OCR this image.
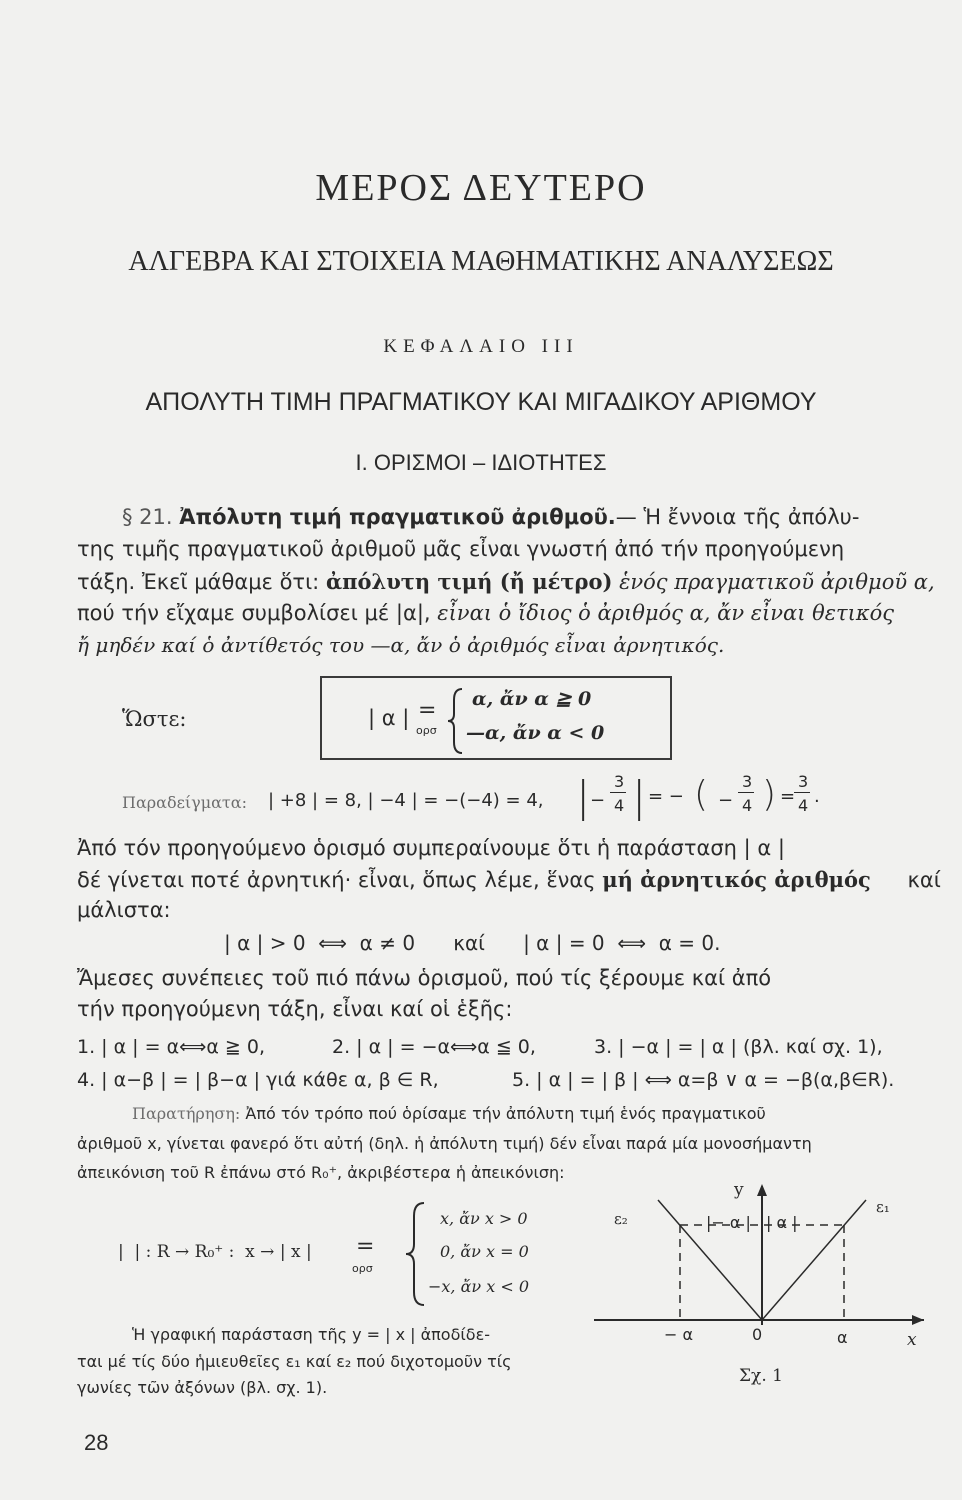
ΜΕΡΟΣ ΔΕΥΤΕΡΟ
ΑΛΓΕΒΡΑ ΚΑΙ ΣΤΟΙΧΕΙΑ ΜΑΘΗΜΑΤΙΚΗΣ ΑΝΑΛΥΣΕΩΣ
ΚΕΦΑΛΑΙΟ III
ΑΠΟΛΥΤΗ ΤΙΜΗ ΠΡΑΓΜΑΤΙΚΟΥ ΚΑΙ ΜΙΓΑΔΙΚΟΥ ΑΡΙΘΜΟΥ
Ι. ΟΡΙΣΜΟΙ – ΙΔΙΟΤΗΤΕΣ
§ 21. Ἀπόλυτη τιμή πραγματικοῦ ἀριθμοῦ.— Ἡ ἔννοια τῆς ἀπόλυ-
της τιμῆς πραγματικοῦ ἀριθμοῦ μᾶς εἶναι γνωστή ἀπό τήν προηγούμενη
τάξη. Ἐκεῖ μάθαμε ὅτι: ἀπόλυτη τιμή (ἤ μέτρο) ἑνός πραγματικοῦ ἀριθμοῦ α,
πού τήν εἴχαμε συμβολίσει μέ |α|, εἶναι ὁ ἴδιος ὁ ἀριθμός α, ἄν εἶναι θετικός
ἤ μηδέν καί ὁ ἀντίθετός του —α, ἄν ὁ ἀριθμός εἶναι ἀρνητικός.
Ὥστε:	| α | =
ορσ
α, ἄν α ≧ 0
—α, ἄν α < 0
Παραδείγματα: | +8 | = 8, | −4 | = −(−4) = 4, | −
3
4 | = − ( −
3
4 ) =
3
4 .
Ἀπό τόν προηγούμενο ὁρισμό συμπεραίνουμε ὅτι ἡ παράσταση | α |
δέ γίνεται ποτέ ἀρνητική· εἶναι, ὅπως λέμε, ἕνας μή ἀρνητικός ἀριθμός καί
μάλιστα:
| α | > 0  ⟺  α ≠ 0      καί      | α | = 0  ⟺  α = 0.
Ἄμεσες συνέπειες τοῦ πιό πάνω ὁρισμοῦ, πού τίς ξέρουμε καί ἀπό
τήν προηγούμενη τάξη, εἶναι καί οἱ ἑξῆς:
1. | α | = α⟺α ≧ 0,	2. | α | = −α⟺α ≦ 0,	3. | −α | = | α | (βλ. καί σχ. 1),
4. | α−β | = | β−α | γιά κάθε α, β ∈ R,	5. | α | = | β | ⟺ α=β ∨ α = −β(α,β∈R).
Παρατήρηση: Ἀπό τόν τρόπο πού ὁρίσαμε τήν ἀπόλυτη τιμή ἑνός πραγματικοῦ
ἀριθμοῦ x, γίνεται φανερό ὅτι αὐτή (δηλ. ἡ ἀπόλυτη τιμή) δέν εἶναι παρά μία μονοσήμαντη
ἀπεικόνιση τοῦ R ἐπάνω στό R₀⁺, ἀκριβέστερα ἡ ἀπεικόνιση:
|  | : R → R₀⁺ :  x → | x | =
ορσ
x, ἄν x > 0
0, ἄν x = 0
−x, ἄν x < 0
Ἡ γραφική παράσταση τῆς y = | x | ἀποδίδε-
ται μέ τίς δύο ἡμιευθεῖες ε₁ καί ε₂ πού διχοτομοῦν τίς
γωνίες τῶν ἀξόνων (βλ. σχ. 1).
y
x
ε₁
ε₂	|− α | | α |
− α	0	α
Σχ. 1
28
